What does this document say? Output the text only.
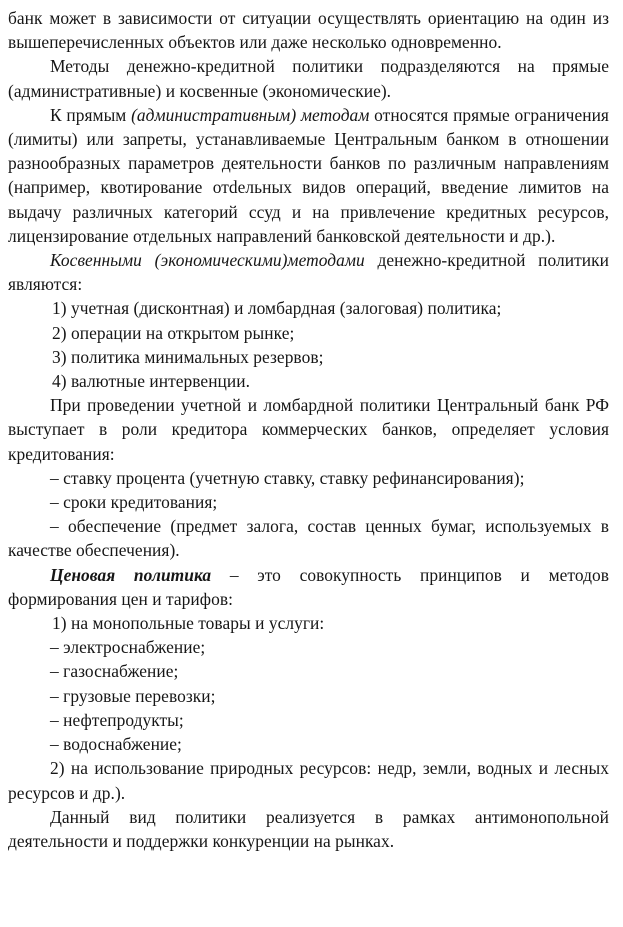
банк может в зависимости от ситуации осуществлять ориентацию на один из вышеперечисленных объектов или даже несколько одновременно.

Методы денежно-кредитной политики подразделяются на прямые (административные) и косвенные (экономические).

К прямым (административным) методам относятся прямые ограничения (лимиты) или запреты, устанавливаемые Центральным банком в отношении разнообразных параметров деятельности банков по различным направлениям (например, квотирование отdельных видов операций, введение лимитов на выдачу различных категорий ссуд и на привлечение кредитных ресурсов, лицензирование отдельных направлений банковской деятельности и др.).

Косвенными (экономическими)методами денежно-кредитной политики являются:

1) учетная (дисконтная) и ломбардная (залоговая) политика;

2) операции на открытом рынке;

3) политика минимальных резервов;

4) валютные интервенции.

При проведении учетной и ломбардной политики Центральный банк РФ выступает в роли кредитора коммерческих банков, определяет условия кредитования:

– ставку процента (учетную ставку, ставку рефинансирования);

– сроки кредитования;

– обеспечение (предмет залога, состав ценных бумаг, используемых в качестве обеспечения).

Ценовая политика – это совокупность принципов и методов формирования цен и тарифов:

1) на монопольные товары и услуги:

– электроснабжение;

– газоснабжение;

– грузовые перевозки;

– нефтепродукты;

– водоснабжение;

2) на использование природных ресурсов: недр, земли, водных и лесных ресурсов и др.).

Данный вид политики реализуется в рамках антимонопольной деятельности и поддержки конкуренции на рынках.
